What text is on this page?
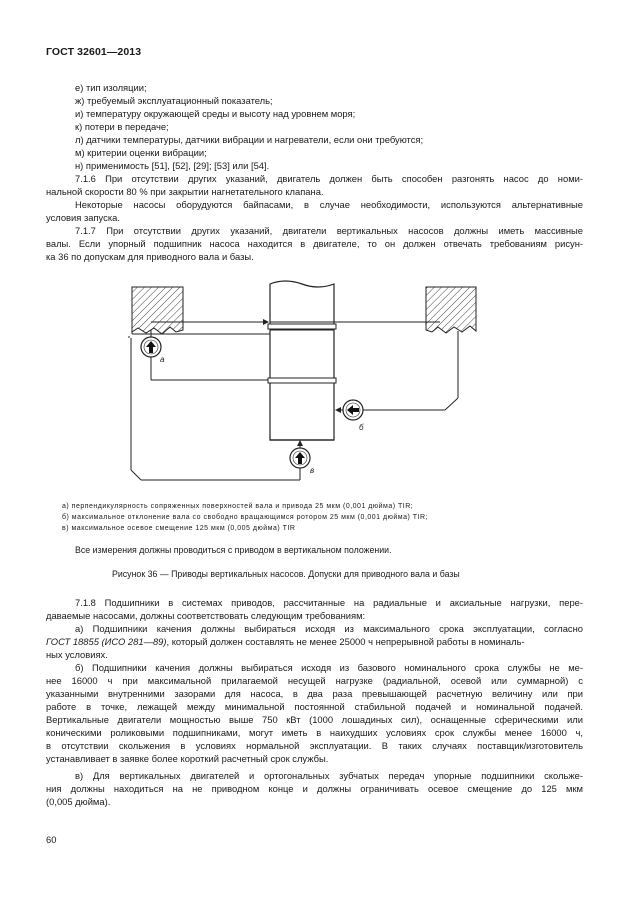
ГОСТ 32601—2013
е) тип изоляции;
ж) требуемый эксплуатационный показатель;
и) температуру окружающей среды и высоту над уровнем моря;
к) потери в передаче;
л) датчики температуры, датчики вибрации и нагреватели, если они требуются;
м) критерии оценки вибрации;
н) применимость [51], [52], [29]; [53] или [54].
7.1.6 При отсутствии других указаний, двигатель должен быть способен разгонять насос до номи-
нальной скорости 80 % при закрытии нагнетательного клапана.
Некоторые насосы оборудуются байпасами, в случае необходимости, используются альтернативные
условия запуска.
7.1.7 При отсутствии других указаний, двигатели вертикальных насосов должны иметь массивные
валы. Если упорный подшипник насоса находится в двигателе, то он должен отвечать требованиям рисун-
ка 36 по допускам для приводного вала и базы.
а
б
в
а) перпендикулярность сопряженных поверхностей вала и привода 25 мкм (0,001 дюйма) TIR;
б) максимальное отклонение вала со свободно вращающимся ротором 25 мкм (0,001 дюйма) TIR;
в) максимальное осевое смещение 125 мкм (0,005 дюйма) TIR
Все измерения должны проводиться с приводом в вертикальном положении.
Рисунок 36 — Приводы вертикальных насосов. Допуски для приводного вала и базы
7.1.8 Подшипники в системах приводов, рассчитанные на радиальные и аксиальные нагрузки, пере-
даваемые насосами, должны соответствовать следующим требованиям:
а) Подшипники качения должны выбираться исходя из максимального срока эксплуатации, согласно
ГОСТ 18855 (ИСО 281—89), который должен составлять не менее 25000 ч непрерывной работы в номиналь-
ных условиях.
б) Подшипники качения должны выбираться исходя из базового номинального срока службы не ме-
нее 16000 ч при максимальной прилагаемой несущей нагрузке (радиальной, осевой или суммарной) с
указанными внутренними зазорами для насоса, в два раза превышающей расчетную величину или при
работе в точке, лежащей между минимальной постоянной стабильной подачей и номинальной подачей.
Вертикальные двигатели мощностью выше 750 кВт (1000 лошадиных сил), оснащенные сферическими или
коническими роликовыми подшипниками, могут иметь в наихудших условиях срок службы менее 16000 ч,
в отсутствии скольжения в условиях нормальной эксплуатации. В таких случаях поставщик/изготовитель
устанавливает в заявке более короткий расчетный срок службы.
в) Для вертикальных двигателей и ортогональных зубчатых передач упорные подшипники скольже-
ния должны находиться на не приводном конце и должны ограничивать осевое смещение до 125 мкм
(0,005 дюйма).
60
